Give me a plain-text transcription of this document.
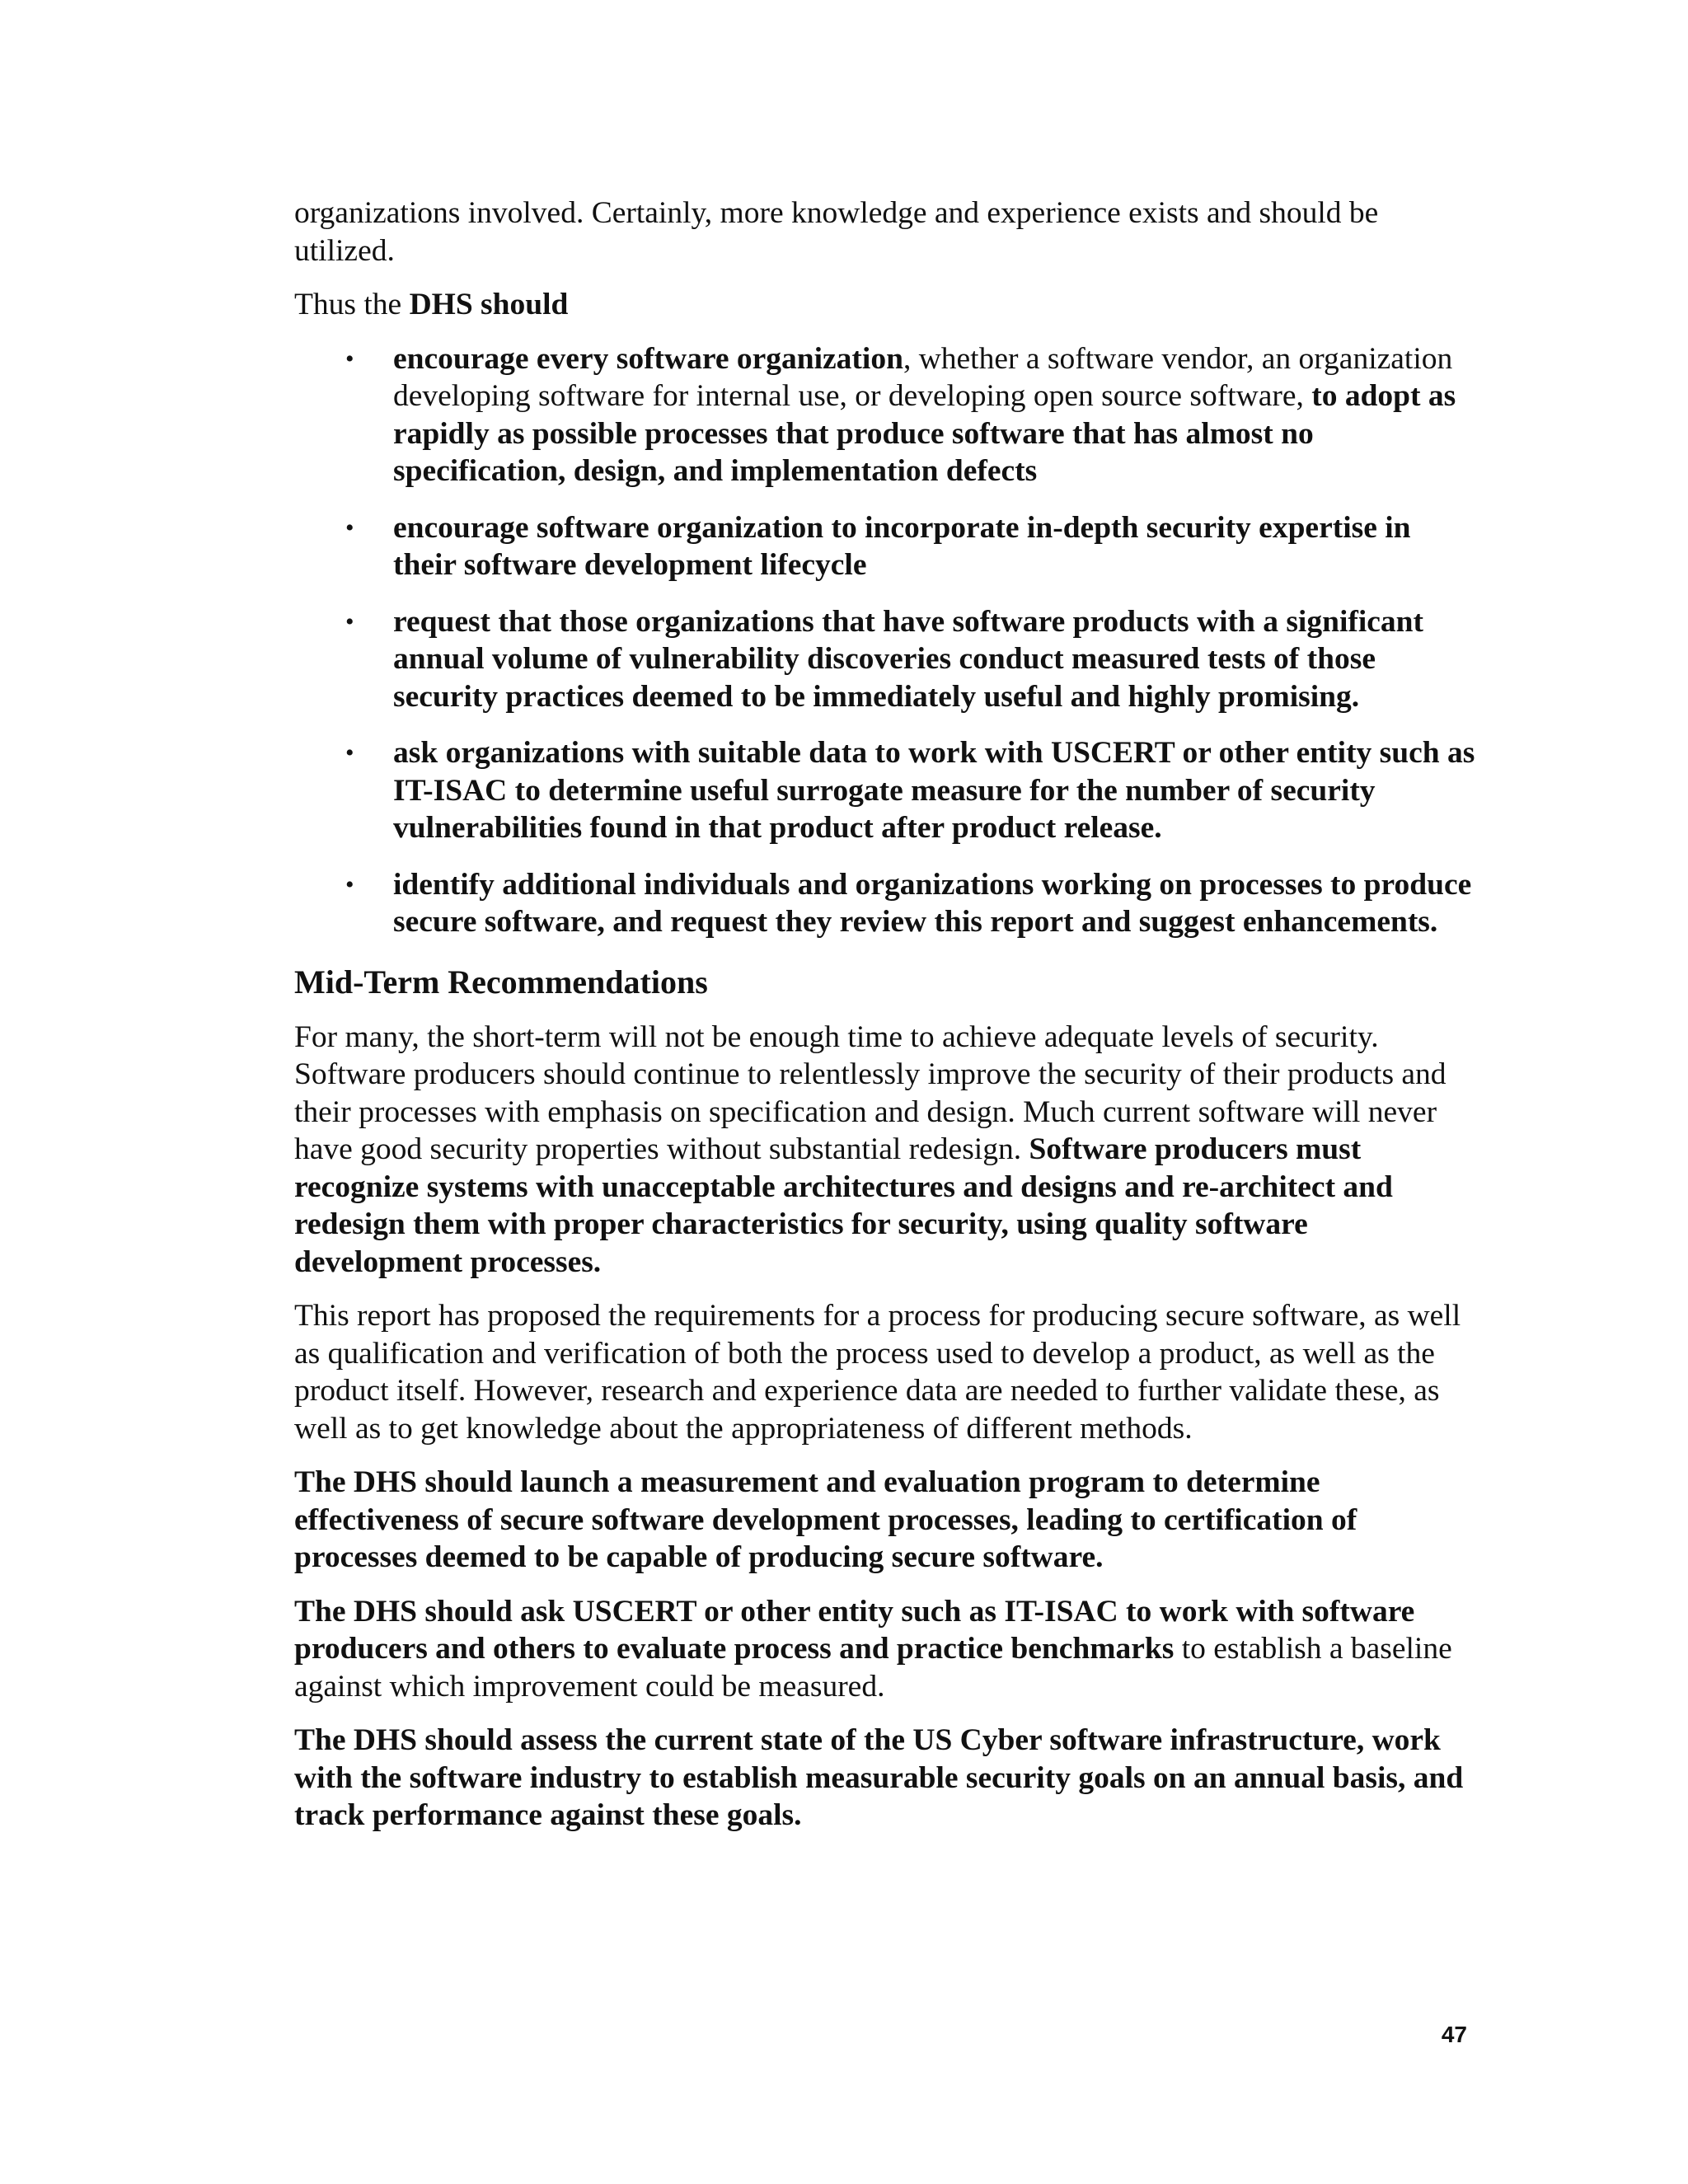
organizations involved. Certainly, more knowledge and experience exists and should be utilized.

Thus the DHS should

• encourage every software organization, whether a software vendor, an organization developing software for internal use, or developing open source software, to adopt as rapidly as possible processes that produce software that has almost no specification, design, and implementation defects
• encourage software organization to incorporate in-depth security expertise in their software development lifecycle
• request that those organizations that have software products with a significant annual volume of vulnerability discoveries conduct measured tests of those security practices deemed to be immediately useful and highly promising.
• ask organizations with suitable data to work with USCERT or other entity such as IT-ISAC to determine useful surrogate measure for the number of security vulnerabilities found in that product after product release.
• identify additional individuals and organizations working on processes to produce secure software, and request they review this report and suggest enhancements.
Mid-Term Recommendations

For many, the short-term will not be enough time to achieve adequate levels of security. Software producers should continue to relentlessly improve the security of their products and their processes with emphasis on specification and design. Much current software will never have good security properties without substantial redesign. Software producers must recognize systems with unacceptable architectures and designs and re-architect and redesign them with proper characteristics for security, using quality software development processes.

This report has proposed the requirements for a process for producing secure software, as well as qualification and verification of both the process used to develop a product, as well as the product itself. However, research and experience data are needed to further validate these, as well as to get knowledge about the appropriateness of different methods.

The DHS should launch a measurement and evaluation program to determine effectiveness of secure software development processes, leading to certification of processes deemed to be capable of producing secure software.

The DHS should ask USCERT or other entity such as IT-ISAC to work with software producers and others to evaluate process and practice benchmarks to establish a baseline against which improvement could be measured.

The DHS should assess the current state of the US Cyber software infrastructure, work with the software industry to establish measurable security goals on an annual basis, and track performance against these goals.

47
